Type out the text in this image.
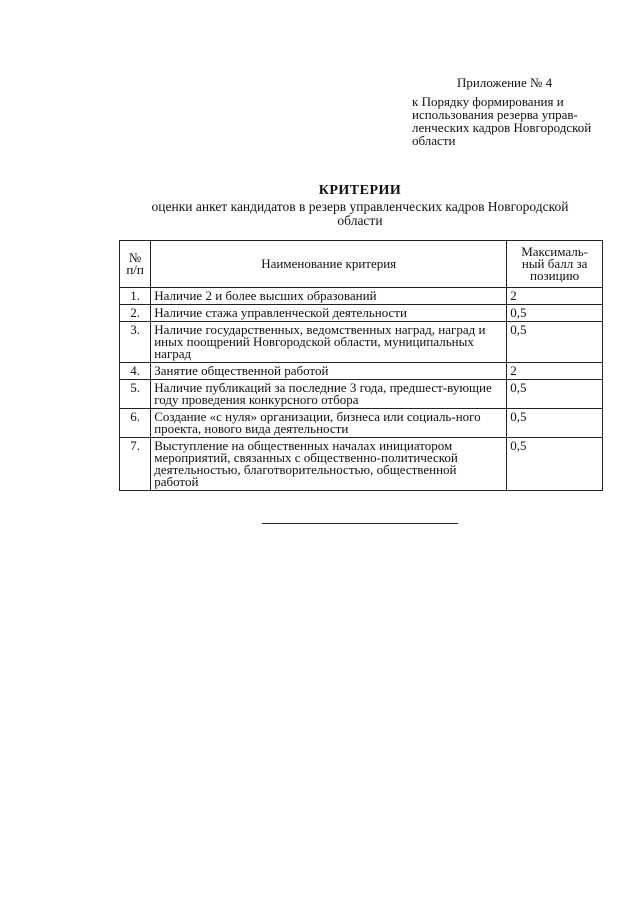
Приложение № 4
к Порядку формирования и использования резерва управ-ленческих кадров Новгородской области
КРИТЕРИИ
оценки анкет кандидатов в резерв управленческих кадров Новгородской области
№ п/п	Наименование критерия	Максималь-ный балл за позицию
1.	Наличие 2 и более высших образований	2
2.	Наличие стажа управленческой деятельности	0,5
3.	Наличие государственных, ведомственных наград, наград и иных поощрений Новгородской области, муниципальных наград	0,5
4.	Занятие общественной работой	2
5.	Наличие публикаций за последние 3 года, предшест-вующие году проведения конкурсного отбора	0,5
6.	Создание «с нуля» организации, бизнеса или социаль-ного проекта, нового вида деятельности	0,5
7.	Выступление на общественных началах инициатором мероприятий, связанных с общественно-политической деятельностью, благотворительностью, общественной работой	0,5
